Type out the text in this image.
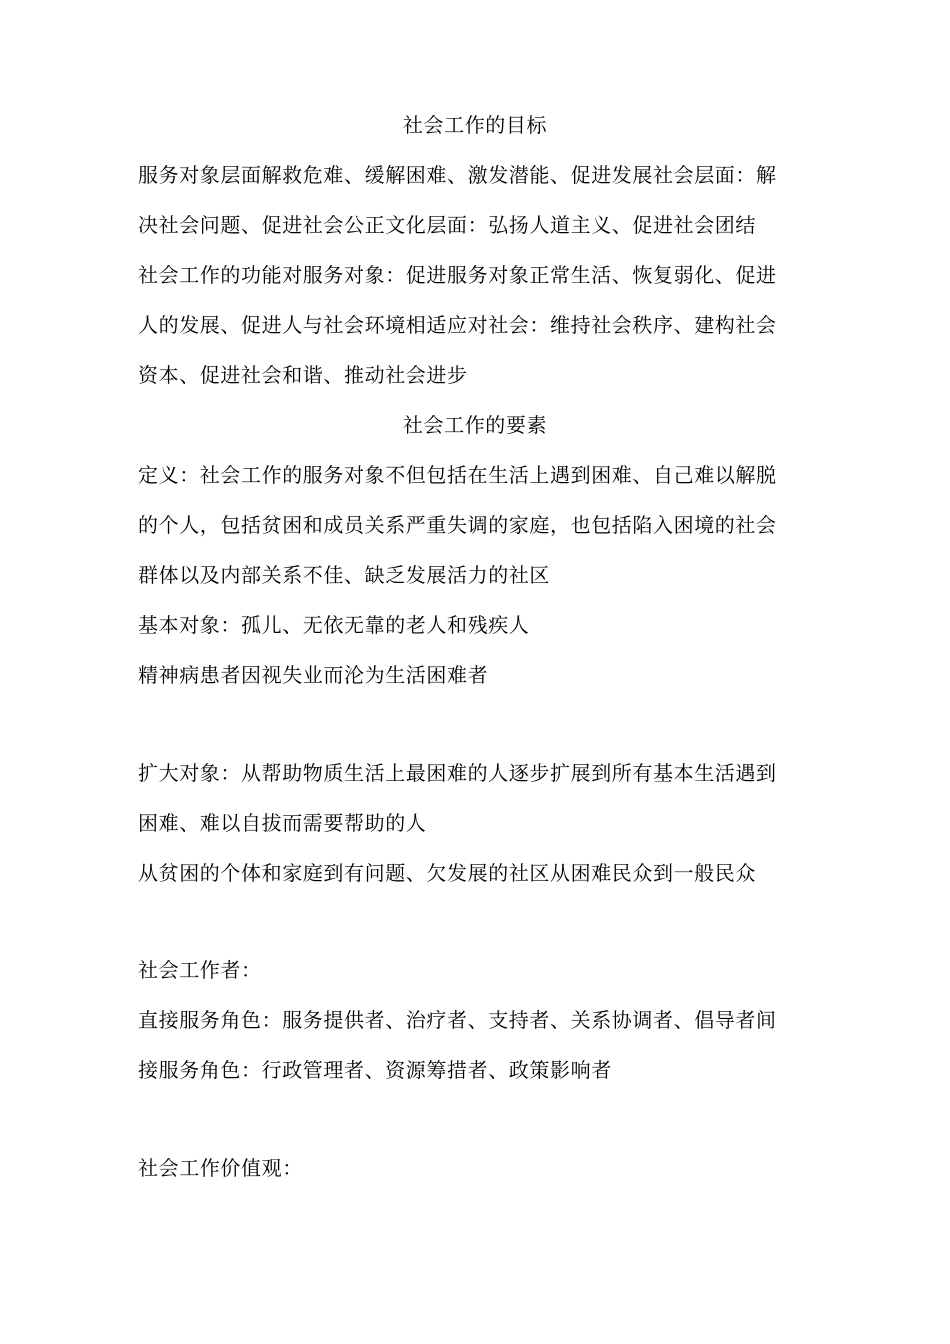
社会工作的目标
服务对象层面解救危难、缓解困难、激发潜能、促进发展社会层面：解
决社会问题、促进社会公正文化层面：弘扬人道主义、促进社会团结
社会工作的功能对服务对象：促进服务对象正常生活、恢复弱化、促进
人的发展、促进人与社会环境相适应对社会：维持社会秩序、建构社会
资本、促进社会和谐、推动社会进步
社会工作的要素
定义：社会工作的服务对象不但包括在生活上遇到困难、自己难以解脱
的个人，包括贫困和成员关系严重失调的家庭，也包括陷入困境的社会
群体以及内部关系不佳、缺乏发展活力的社区
基本对象：孤儿、无依无靠的老人和残疾人
精神病患者因视失业而沦为生活困难者
扩大对象：从帮助物质生活上最困难的人逐步扩展到所有基本生活遇到
困难、难以自拔而需要帮助的人
从贫困的个体和家庭到有问题、欠发展的社区从困难民众到一般民众
社会工作者：
直接服务角色：服务提供者、治疗者、支持者、关系协调者、倡导者间
接服务角色：行政管理者、资源筹措者、政策影响者
社会工作价值观：
